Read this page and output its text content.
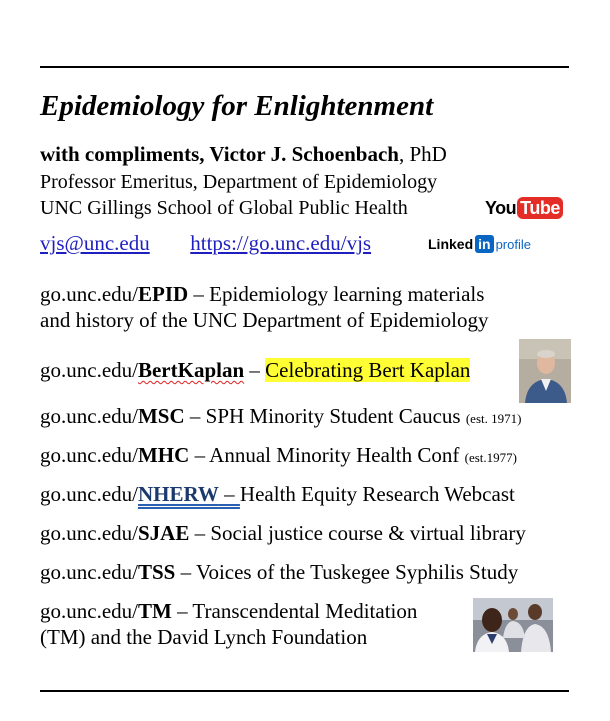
Epidemiology for Enlightenment
with compliments, Victor J. Schoenbach, PhD
Professor Emeritus, Department of Epidemiology
UNC Gillings School of Global Public Health	You Tube
vjs@unc.edu https://go.unc.edu/vjs	Linked in profile
go.unc.edu/EPID – Epidemiology learning materials
and history of the UNC Department of Epidemiology
go.unc.edu/BertKaplan – Celebrating Bert Kaplan
go.unc.edu/MSC – SPH Minority Student Caucus (est. 1971)
go.unc.edu/MHC – Annual Minority Health Conf (est.1977)
go.unc.edu/NHERW – Health Equity Research Webcast
go.unc.edu/SJAE – Social justice course & virtual library
go.unc.edu/TSS – Voices of the Tuskegee Syphilis Study
go.unc.edu/TM – Transcendental Meditation
(TM) and the David Lynch Foundation
